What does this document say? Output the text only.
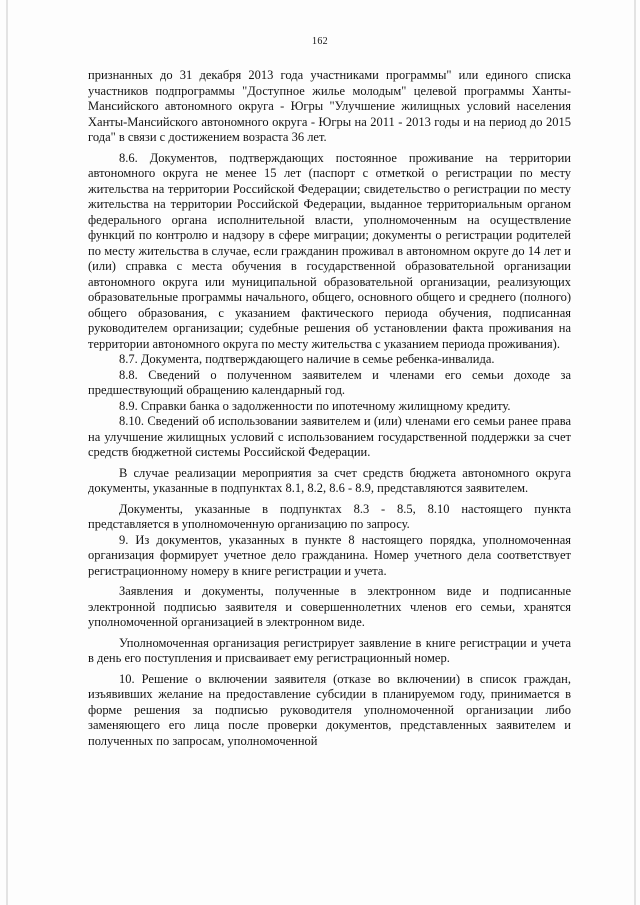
162

признанных до 31 декабря 2013 года участниками программы" или единого списка участников подпрограммы "Доступное жилье молодым" целевой программы Ханты-Мансийского автономного округа - Югры "Улучшение жилищных условий населения Ханты-Мансийского автономного округа - Югры на 2011 - 2013 годы и на период до 2015 года" в связи с достижением возраста 36 лет.

8.6. Документов, подтверждающих постоянное проживание на территории автономного округа не менее 15 лет (паспорт с отметкой о регистрации по месту жительства на территории Российской Федерации; свидетельство о регистрации по месту жительства на территории Российской Федерации, выданное территориальным органом федерального органа исполнительной власти, уполномоченным на осуществление функций по контролю и надзору в сфере миграции; документы о регистрации родителей по месту жительства в случае, если гражданин проживал в автономном округе до 14 лет и (или) справка с места обучения в государственной образовательной организации автономного округа или муниципальной образовательной организации, реализующих образовательные программы начального, общего, основного общего и среднего (полного) общего образования, с указанием фактического периода обучения, подписанная руководителем организации; судебные решения об установлении факта проживания на территории автономного округа по месту жительства с указанием периода проживания).

8.7. Документа, подтверждающего наличие в семье ребенка-инвалида.

8.8. Сведений о полученном заявителем и членами его семьи доходе за предшествующий обращению календарный год.

8.9. Справки банка о задолженности по ипотечному жилищному кредиту.

8.10. Сведений об использовании заявителем и (или) членами его семьи ранее права на улучшение жилищных условий с использованием государственной поддержки за счет средств бюджетной системы Российской Федерации.

В случае реализации мероприятия за счет средств бюджета автономного округа документы, указанные в подпунктах 8.1, 8.2, 8.6 - 8.9, представляются заявителем.

Документы, указанные в подпунктах 8.3 - 8.5, 8.10 настоящего пункта представляется в уполномоченную организацию по запросу.

9. Из документов, указанных в пункте 8 настоящего порядка, уполномоченная организация формирует учетное дело гражданина. Номер учетного дела соответствует регистрационному номеру в книге регистрации и учета.

Заявления и документы, полученные в электронном виде и подписанные электронной подписью заявителя и совершеннолетних членов его семьи, хранятся уполномоченной организацией в электронном виде.

Уполномоченная организация регистрирует заявление в книге регистрации и учета в день его поступления и присваивает ему регистрационный номер.

10. Решение о включении заявителя (отказе во включении) в список граждан, изъявивших желание на предоставление субсидии в планируемом году, принимается в форме решения за подписью руководителя уполномоченной организации либо заменяющего его лица после проверки документов, представленных заявителем и полученных по запросам, уполномоченной
